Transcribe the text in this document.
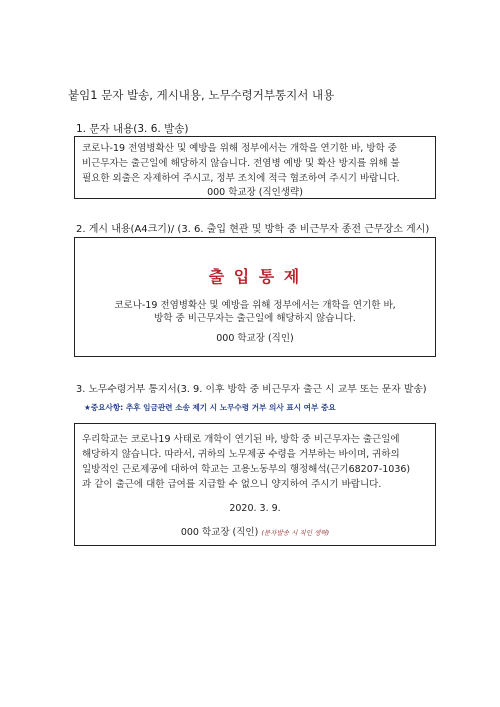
붙임1 문자 발송, 게시내용, 노무수령거부통지서 내용
1. 문자 내용(3. 6. 발송)
코로나-19 전염병확산 및 예방을 위해 정부에서는 개학을 연기한 바, 방학 중
비근무자는 출근일에 해당하지 않습니다. 전염병 예방 및 확산 방지를 위해 불
필요한 외출은 자제하여 주시고, 정부 조치에 적극 협조하여 주시기 바랍니다.
000 학교장 (직인생략)
2. 게시 내용(A4크기)/ (3. 6. 출입 현관 및 방학 중 비근무자 종전 근무장소 게시)
출 입 통 제
코로나-19 전염병확산 및 예방을 위해 정부에서는 개학을 연기한 바,
방학 중 비근무자는 출근일에 해당하지 않습니다.
000 학교장 (직인)
3. 노무수령거부 통지서(3. 9. 이후 방학 중 비근무자 출근 시 교부 또는 문자 발송)
★중요사항: 추후 임금관련 소송 제기 시 노무수령 거부 의사 표시 여부 중요
우리학교는 코로나19 사태로 개학이 연기된 바, 방학 중 비근무자는 출근일에
해당하지 않습니다. 따라서, 귀하의 노무제공 수령을 거부하는 바이며, 귀하의
일방적인 근로제공에 대하여 학교는 고용노동부의 행정해석(근기68207-1036)
과 같이 출근에 대한 급여를 지급할 수 없으니 양지하여 주시기 바랍니다.
2020. 3. 9.
000 학교장 (직인) (문자발송 시 직인 생략)
